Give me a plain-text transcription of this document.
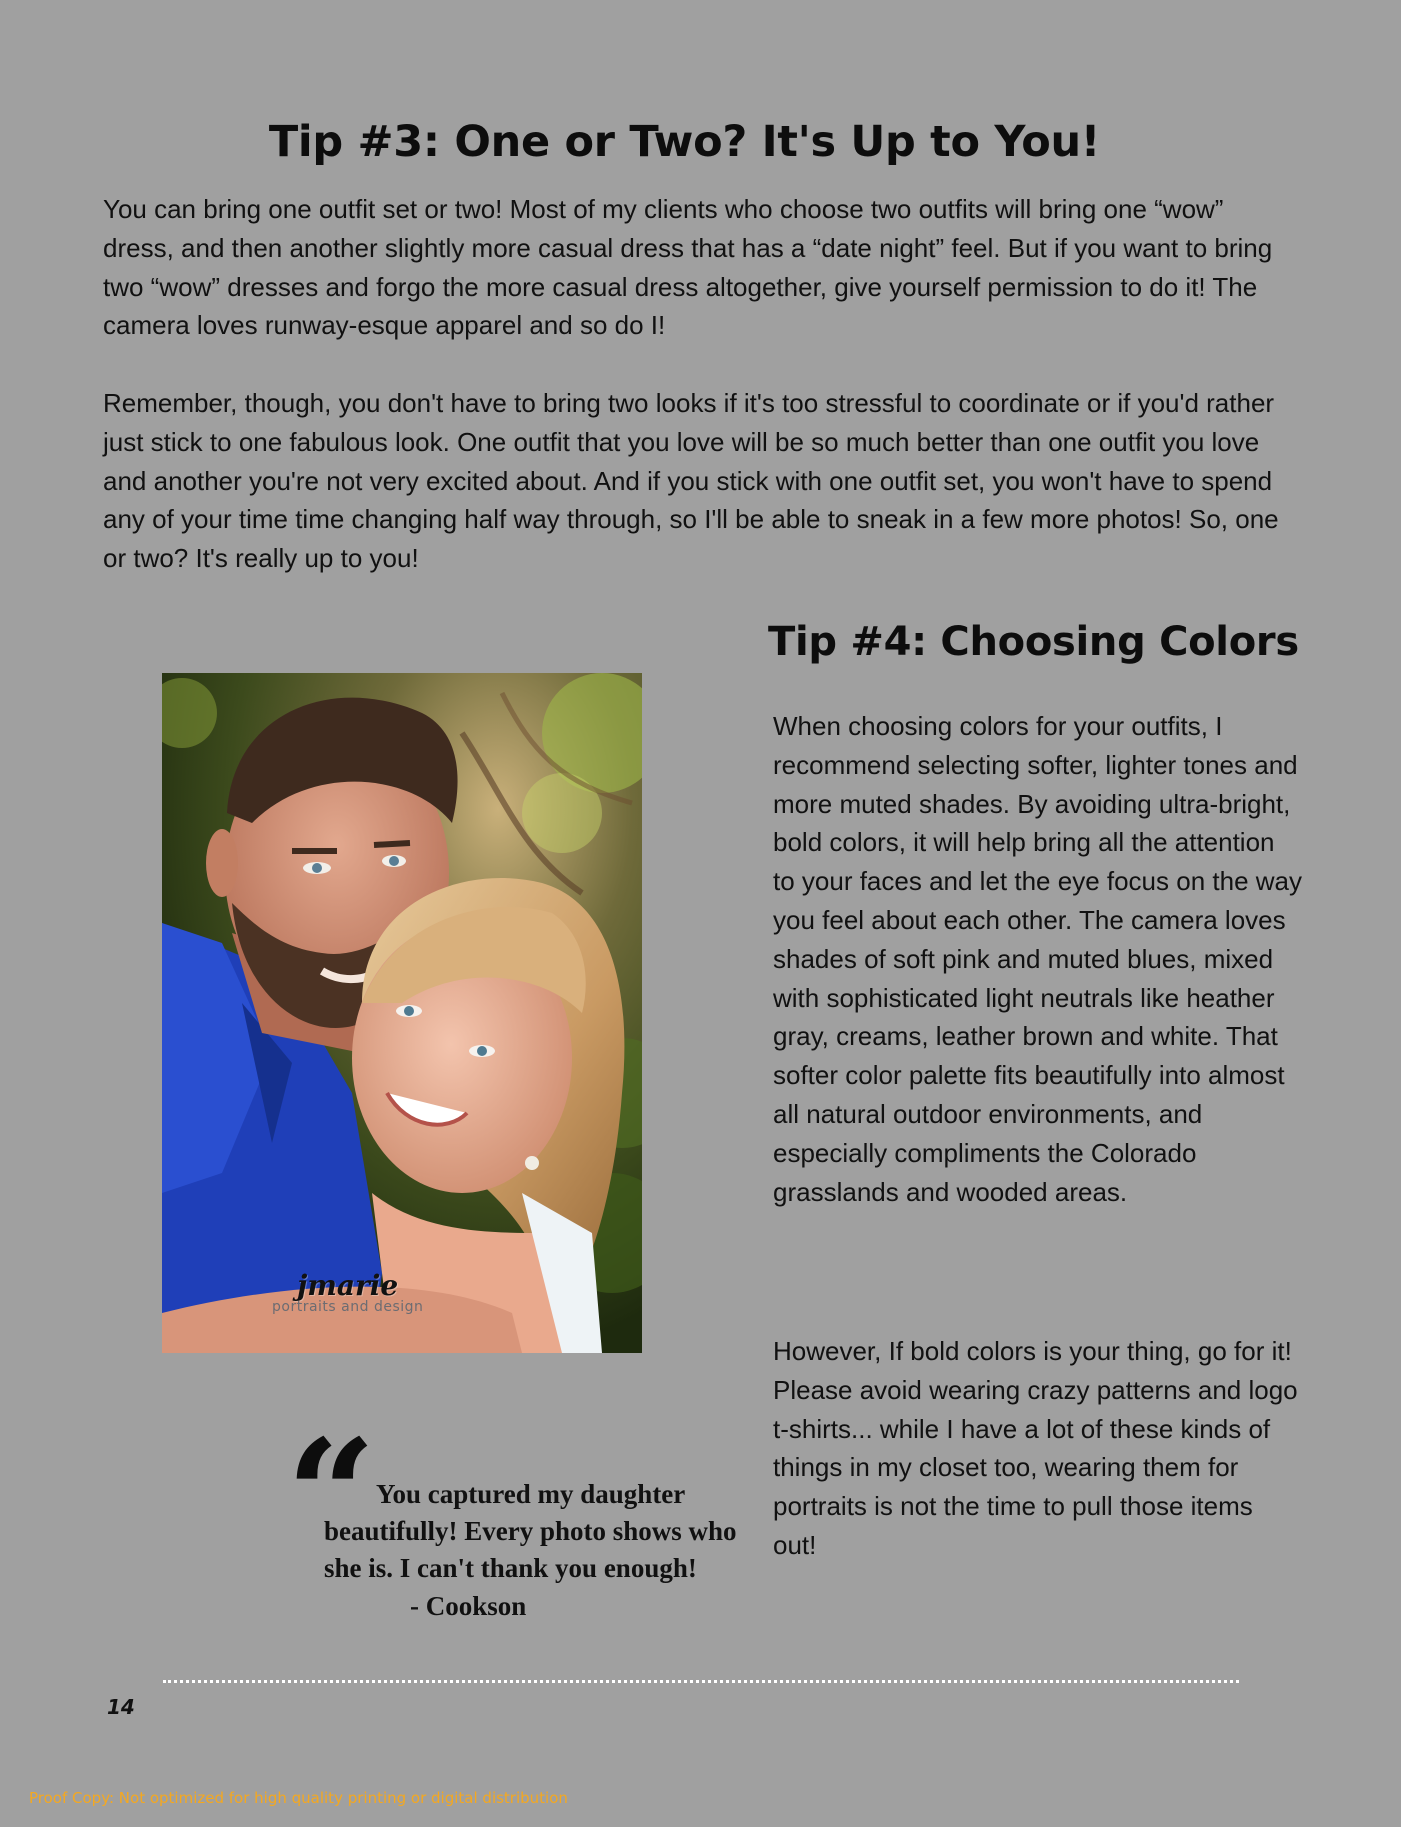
Tip #3: One or Two? It's Up to You!

You can bring one outfit set or two! Most of my clients who choose two outfits will bring one “wow” dress, and then another slightly more casual dress that has a “date night” feel. But if you want to bring two “wow” dresses and forgo the more casual dress altogether, give yourself permission to do it! The camera loves runway-esque apparel and so do I!

Remember, though, you don't have to bring two looks if it's too stressful to coordinate or if you'd rather just stick to one fabulous look. One outfit that you love will be so much better than one outfit you love and another you're not very excited about. And if you stick with one outfit set, you won't have to spend any of your time time changing half way through, so I'll be able to sneak in a few more photos! So, one or two? It's really up to you!

jmarie
portraits and design
Tip #4: Choosing Colors

When choosing colors for your outfits, I recommend selecting softer, lighter tones and more muted shades. By avoiding ultra-bright, bold colors, it will help bring all the attention to your faces and let the eye focus on the way you feel about each other. The camera loves shades of soft pink and muted blues, mixed with sophisticated light neutrals like heather gray, creams, leather brown and white. That softer color palette fits beautifully into almost all natural outdoor environments, and especially compliments the Colorado grasslands and wooded areas.

However, If bold colors is your thing, go for it! Please avoid wearing crazy patterns and logo t-shirts... while I have a lot of these kinds of things in my closet too, wearing them for portraits is not the time to pull those items out!

“ You captured my daughter
beautifully! Every photo shows who
she is. I can't thank you enough!

- Cookson
14
Proof Copy: Not optimized for high quality printing or digital distribution
